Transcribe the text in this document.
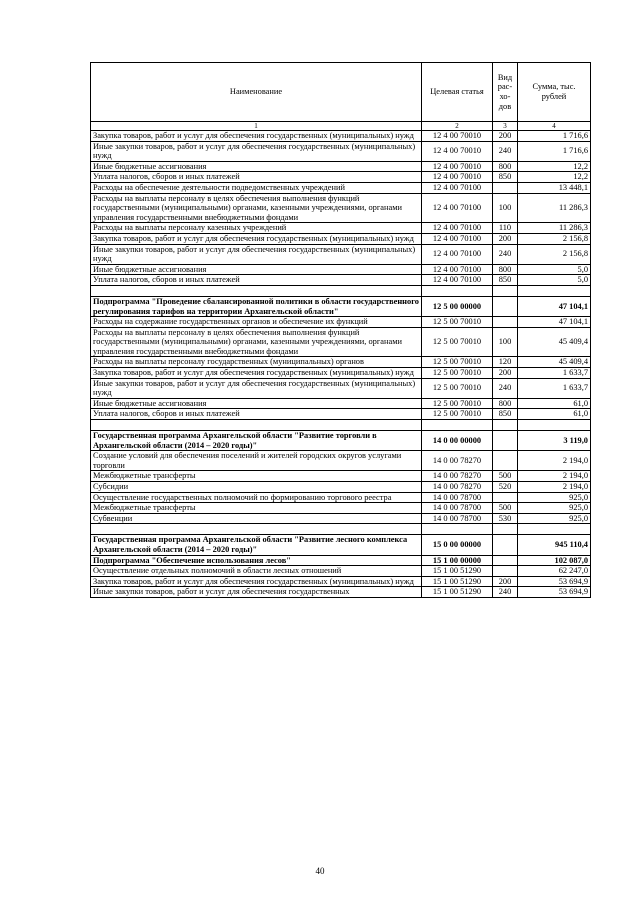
Наименование	Целевая статья	Вид рас-хо-дов	Сумма, тыс. рублей
1	2	3	4
Закупка товаров, работ и услуг для обеспечения государственных (муниципальных) нужд	12 4 00 70010	200	1 716,6
Иные закупки товаров, работ и услуг для обеспечения государственных (муниципальных) нужд	12 4 00 70010	240	1 716,6
Иные бюджетные ассигнования	12 4 00 70010	800	12,2
Уплата налогов, сборов и иных платежей	12 4 00 70010	850	12,2
Расходы на обеспечение деятельности подведомственных учреждений	12 4 00 70100		13 448,1
Расходы на выплаты персоналу в целях обеспечения выполнения функций государственными (муниципальными) органами, казенными учреждениями, органами управления государственными внебюджетными фондами	12 4 00 70100	100	11 286,3
Расходы на выплаты персоналу казенных учреждений	12 4 00 70100	110	11 286,3
Закупка товаров, работ и услуг для обеспечения государственных (муниципальных) нужд	12 4 00 70100	200	2 156,8
Иные закупки товаров, работ и услуг для обеспечения государственных (муниципальных) нужд	12 4 00 70100	240	2 156,8
Иные бюджетные ассигнования	12 4 00 70100	800	5,0
Уплата налогов, сборов и иных платежей	12 4 00 70100	850	5,0

Подпрограмма "Проведение сбалансированной политики в области государственного регулирования тарифов на территории Архангельской области"	12 5 00 00000		47 104,1
Расходы на содержание государственных органов и обеспечение их функций	12 5 00 70010		47 104,1
Расходы на выплаты персоналу в целях обеспечения выполнения функций государственными (муниципальными) органами, казенными учреждениями, органами управления государственными внебюджетными фондами	12 5 00 70010	100	45 409,4
Расходы на выплаты персоналу государственных (муниципальных) органов	12 5 00 70010	120	45 409,4
Закупка товаров, работ и услуг для обеспечения государственных (муниципальных) нужд	12 5 00 70010	200	1 633,7
Иные закупки товаров, работ и услуг для обеспечения государственных (муниципальных) нужд	12 5 00 70010	240	1 633,7
Иные бюджетные ассигнования	12 5 00 70010	800	61,0
Уплата налогов, сборов и иных платежей	12 5 00 70010	850	61,0

Государственная программа Архангельской области "Развитие торговли в Архангельской области (2014 – 2020 годы)"	14 0 00 00000		3 119,0
Создание условий для обеспечения поселений и жителей городских округов услугами торговли	14 0 00 78270		2 194,0
Межбюджетные трансферты	14 0 00 78270	500	2 194,0
Субсидии	14 0 00 78270	520	2 194,0
Осуществление государственных полномочий по формированию торгового реестра	14 0 00 78700		925,0
Межбюджетные трансферты	14 0 00 78700	500	925,0
Субвенции	14 0 00 78700	530	925,0

Государственная программа Архангельской области "Развитие лесного комплекса Архангельской области (2014 – 2020 годы)"	15 0 00 00000		945 110,4
Подпрограмма "Обеспечение использования лесов"	15 1 00 00000		102 087,0
Осуществление отдельных полномочий в области лесных отношений	15 1 00 51290		62 247,0
Закупка товаров, работ и услуг для обеспечения государственных (муниципальных) нужд	15 1 00 51290	200	53 694,9
Иные закупки товаров, работ и услуг для обеспечения государственных	15 1 00 51290	240	53 694,9
40
